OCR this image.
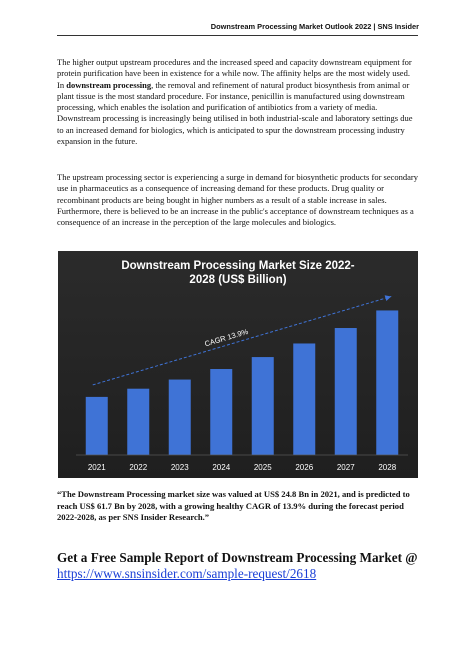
Downstream Processing Market Outlook 2022 | SNS Insider

The higher output upstream procedures and the increased speed and capacity downstream equipment for protein purification have been in existence for a while now. The affinity helps are the most widely used. In downstream processing, the removal and refinement of natural product biosynthesis from animal or plant tissue is the most standard procedure. For instance, penicillin is manufactured using downstream processing, which enables the isolation and purification of antibiotics from a variety of media. Downstream processing is increasingly being utilised in both industrial-scale and laboratory settings due to an increased demand for biologics, which is anticipated to spur the downstream processing industry expansion in the future.

The upstream processing sector is experiencing a surge in demand for biosynthetic products for secondary use in pharmaceutics as a consequence of increasing demand for these products. Drug quality or recombinant products are being bought in higher numbers as a result of a stable increase in sales. Furthermore, there is believed to be an increase in the public's acceptance of downstream techniques as a consequence of an increase in the perception of the large molecules and biologics.

Downstream Processing Market Size 2022-
2028 (US$ Billion)
CAGR 13.9%
2021	2022	2023	2024	2025	2026	2027	2028

“The Downstream Processing market size was valued at US$ 24.8 Bn in 2021, and is predicted to reach US$ 61.7 Bn by 2028, with a growing healthy CAGR of 13.9% during the forecast period 2022-2028, as per SNS Insider Research.”

Get a Free Sample Report of Downstream Processing Market @ https://www.snsinsider.com/sample-request/2618
